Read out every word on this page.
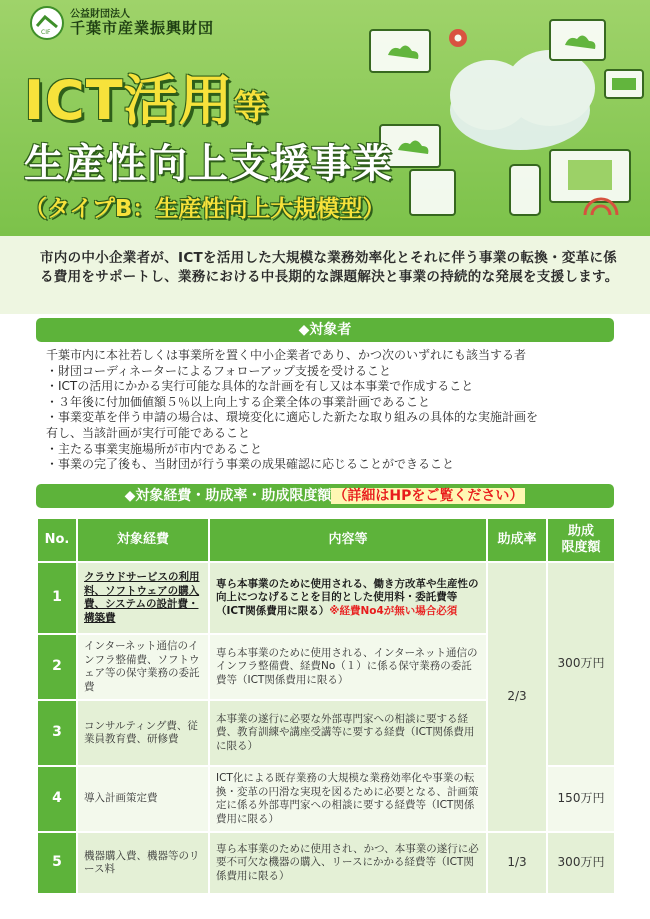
CIF
公益財団法人
千葉市産業振興財団
ICT活用等
生産性向上支援事業
（タイプB：生産性向上大規模型）

市内の中小企業者が、ICTを活用した大規模な業務効率化とそれに伴う事業の転換・変革に係る費用をサポートし、業務における中長期的な課題解決と事業の持続的な発展を支援します。

◆対象者
千葉市内に本社若しくは事業所を置く中小企業者であり、かつ次のいずれにも該当する者
・財団コーディネーターによるフォローアップ支援を受けること
・ICTの活用にかかる実行可能な具体的な計画を有し又は本事業で作成すること
・３年後に付加価値額５％以上向上する企業全体の事業計画であること
・事業変革を伴う申請の場合は、環境変化に適応した新たな取り組みの具体的な実施計画を
有し、当該計画が実行可能であること
・主たる事業実施場所が市内であること
・事業の完了後も、当財団が行う事業の成果確認に応じることができること
◆対象経費・助成率・助成限度額 （詳細はHPをご覧ください）
No.	対象経費	内容等	助成率	助成
限度額
1	クラウドサービスの利用料、ソフトウェアの購入費、システムの設計費・構築費	専ら本事業のために使用される、働き方改革や生産性の向上につなげることを目的とした使用料・委託費等（ICT関係費用に限る）※経費No4が無い場合必須	2/3	300万円
2	インターネット通信のインフラ整備費、ソフトウェア等の保守業務の委託費	専ら本事業のために使用される、インターネット通信のインフラ整備費、経費No（１）に係る保守業務の委託費等（ICT関係費用に限る）		
3	コンサルティング費、従業員教育費、研修費	本事業の遂行に必要な外部専門家への相談に要する経費、教育訓練や講座受講等に要する経費（ICT関係費用に限る）		
4	導入計画策定費	ICT化による既存業務の大規模な業務効率化や事業の転換・変革の円滑な実現を図るために必要となる、計画策定に係る外部専門家への相談に要する経費等（ICT関係費用に限る）		150万円
5	機器購入費、機器等のリース料	専ら本事業のために使用され、かつ、本事業の遂行に必要不可欠な機器の購入、リースにかかる経費等（ICT関係費用に限る）	1/3	300万円
